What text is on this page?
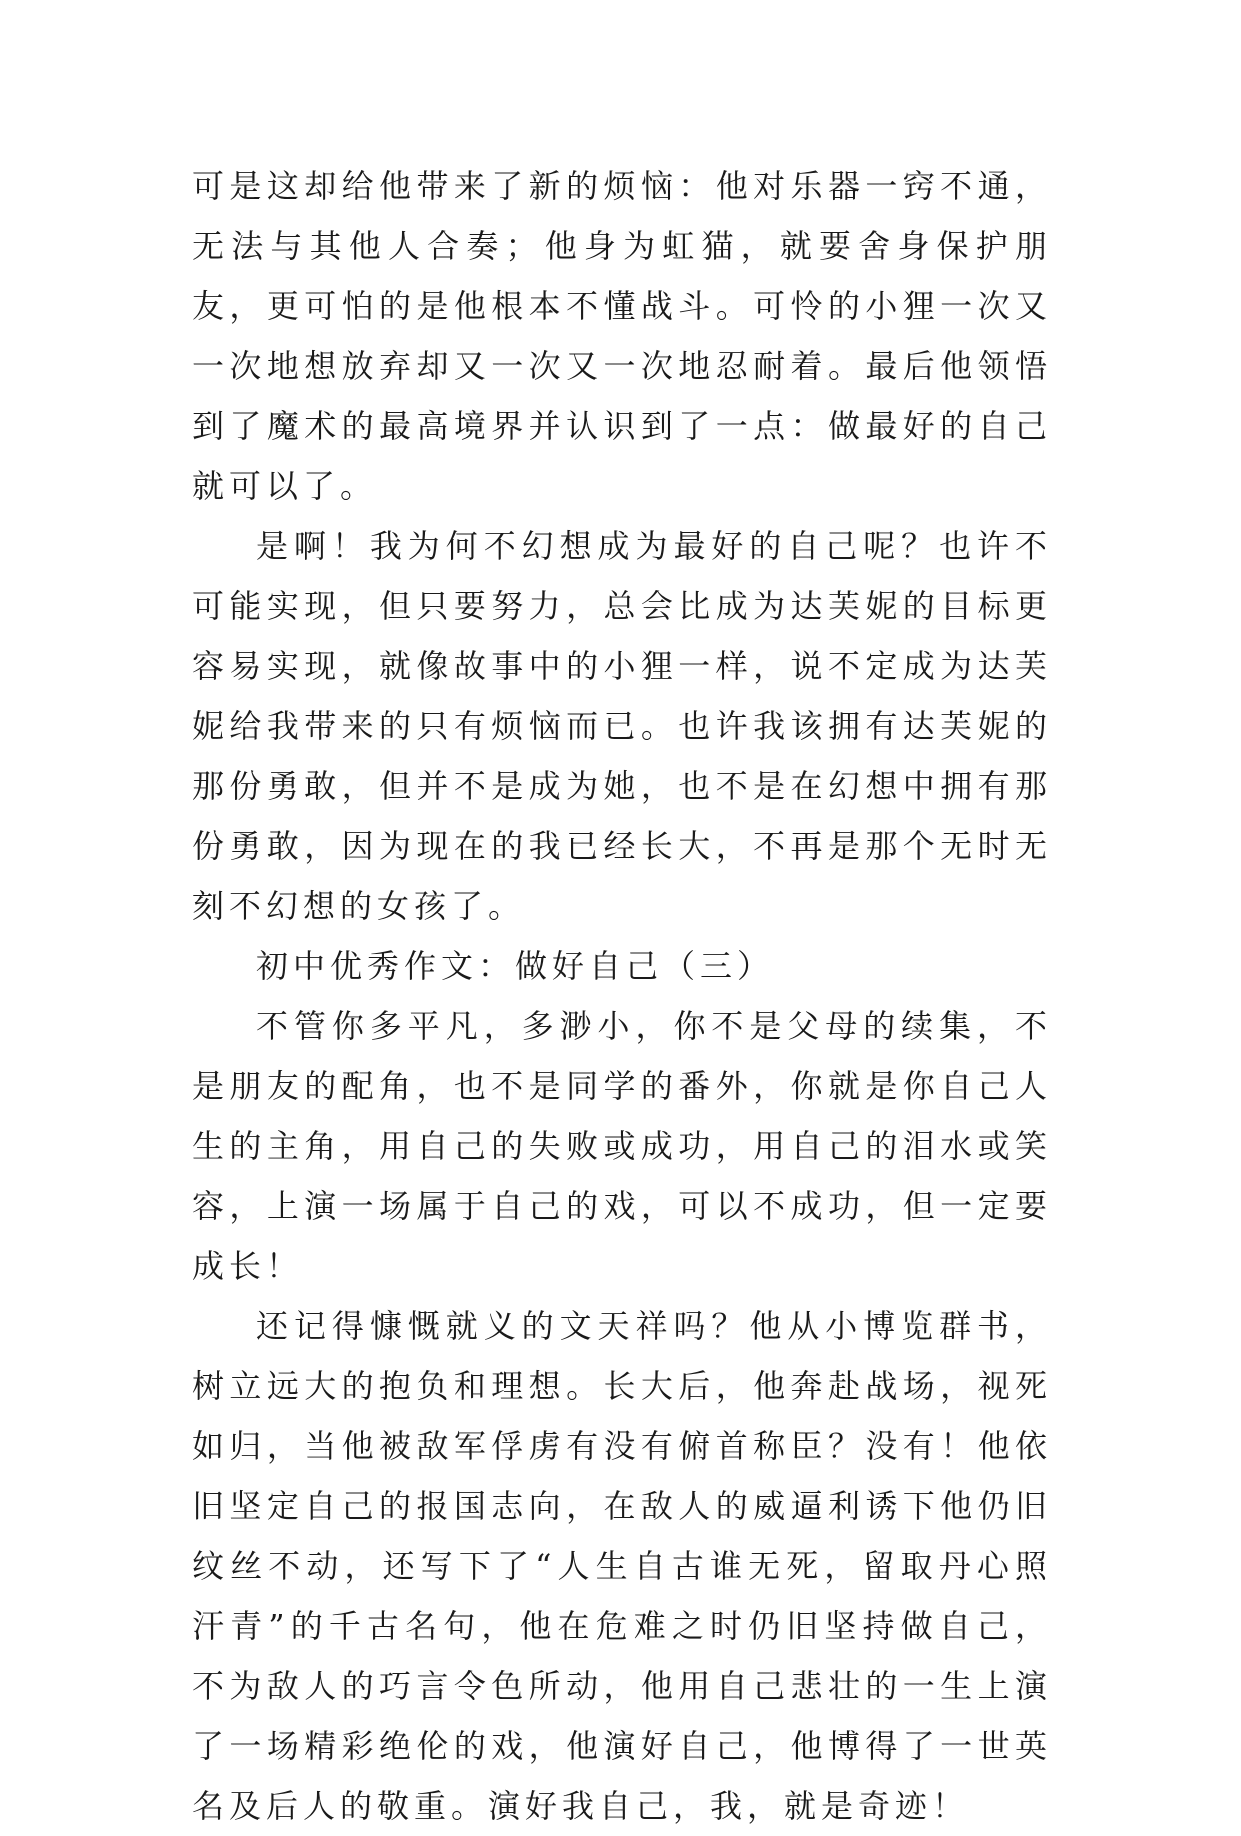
可是这却给他带来了新的烦恼：他对乐器一窍不通，无法与其他人合奏；他身为虹猫，就要舍身保护朋友，更可怕的是他根本不懂战斗。可怜的小狸一次又一次地想放弃却又一次又一次地忍耐着。最后他领悟到了魔术的最高境界并认识到了一点：做最好的自己就可以了。

是啊！我为何不幻想成为最好的自己呢？也许不可能实现，但只要努力，总会比成为达芙妮的目标更容易实现，就像故事中的小狸一样，说不定成为达芙妮给我带来的只有烦恼而已。也许我该拥有达芙妮的那份勇敢，但并不是成为她，也不是在幻想中拥有那份勇敢，因为现在的我已经长大，不再是那个无时无刻不幻想的女孩了。

初中优秀作文：做好自己（三）

不管你多平凡，多渺小，你不是父母的续集，不是朋友的配角，也不是同学的番外，你就是你自己人生的主角，用自己的失败或成功，用自己的泪水或笑容，上演一场属于自己的戏，可以不成功，但一定要成长！

还记得慷慨就义的文天祥吗？他从小博览群书，树立远大的抱负和理想。长大后，他奔赴战场，视死如归，当他被敌军俘虏有没有俯首称臣？没有！他依旧坚定自己的报国志向，在敌人的威逼利诱下他仍旧纹丝不动，还写下了“人生自古谁无死，留取丹心照汗青”的千古名句，他在危难之时仍旧坚持做自己，不为敌人的巧言令色所动，他用自己悲壮的一生上演了一场精彩绝伦的戏，他演好自己，他博得了一世英名及后人的敬重。演好我自己，我，就是奇迹！
